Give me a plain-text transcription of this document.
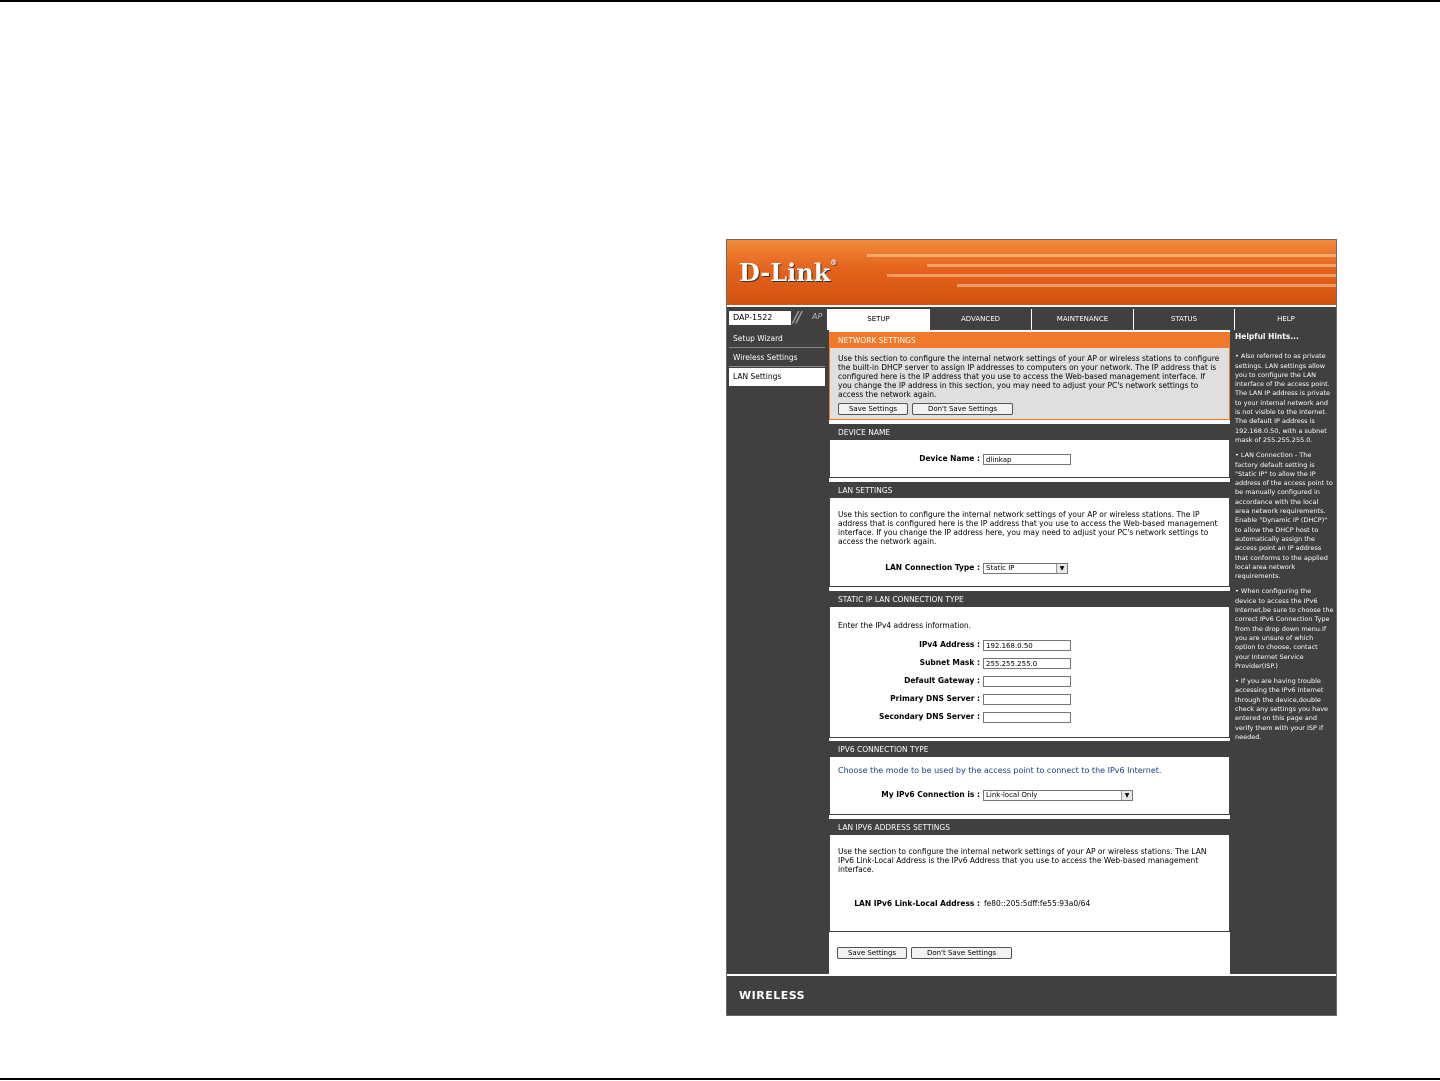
D-Link®
DAP-1522	// AP	SETUP	ADVANCED	MAINTENANCE	STATUS	HELP
Setup Wizard
Wireless Settings
LAN Settings
NETWORK SETTINGS

Use this section to configure the internal network settings of your AP or wireless stations to configure the built-in DHCP server to assign IP addresses to computers on your network. The IP address that is configured here is the IP address that you use to access the Web-based management interface. If you change the IP address in this section, you may need to adjust your PC's network settings to access the network again.

Save Settings	Don't Save Settings
DEVICE NAME
Device Name : dlinkap
LAN SETTINGS

Use this section to configure the internal network settings of your AP or wireless stations. The IP address that is configured here is the IP address that you use to access the Web-based management interface. If you change the IP address here, you may need to adjust your PC's network settings to access the network again.

LAN Connection Type : Static IP	▼
STATIC IP LAN CONNECTION TYPE

Enter the IPv4 address information.

IPv4 Address : 192.168.0.50
Subnet Mask : 255.255.255.0
Default Gateway :
Primary DNS Server :
Secondary DNS Server :
IPV6 CONNECTION TYPE

Choose the mode to be used by the access point to connect to the IPv6 Internet.

My IPv6 Connection is : Link-local Only	▼
LAN IPV6 ADDRESS SETTINGS

Use the section to configure the internal network settings of your AP or wireless stations. The LAN IPv6 Link-Local Address is the IPv6 Address that you use to access the Web-based management interface.

LAN IPv6 Link-Local Address : fe80::205:5dff:fe55:93a0/64
Save Settings	Don't Save Settings
Helpful Hints...
• Also referred to as private settings. LAN settings allow you to configure the LAN interface of the access point. The LAN IP address is private to your internal network and is not visible to the Internet. The default IP address is 192.168.0.50, with a subnet mask of 255.255.255.0.
• LAN Connection - The factory default setting is "Static IP" to allow the IP address of the access point to be manually configured in accordance with the local area network requirements. Enable "Dynamic IP (DHCP)" to allow the DHCP host to automatically assign the access point an IP address that conforms to the applied local area network requirements.
• When configuring the device to access the IPv6 Internet,be sure to choose the correct IPv6 Connection Type from the drop down menu.If you are unsure of which option to choose, contact your Internet Service Provider(ISP.)
• If you are having trouble accessing the IPv6 Internet through the device,double check any settings you have entered on this page and verify them with your ISP if needed.
WIRELESS
